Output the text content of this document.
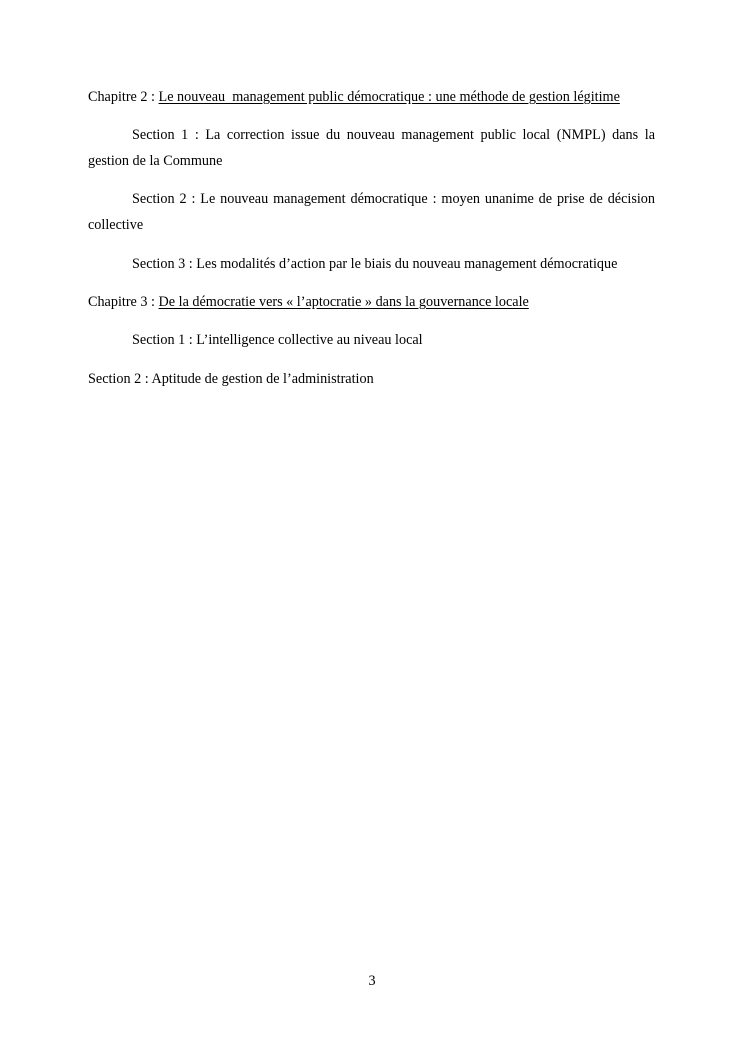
Chapitre 2 : Le nouveau  management public démocratique : une méthode de gestion légitime

Section 1 : La correction issue du nouveau management public local (NMPL) dans la gestion de la Commune

Section 2 : Le nouveau management démocratique : moyen unanime de prise de décision collective

Section 3 : Les modalités d’action par le biais du nouveau management démocratique

Chapitre 3 : De la démocratie vers « l’aptocratie » dans la gouvernance locale

Section 1 : L’intelligence collective au niveau local

Section 2 : Aptitude de gestion de l’administration

3
